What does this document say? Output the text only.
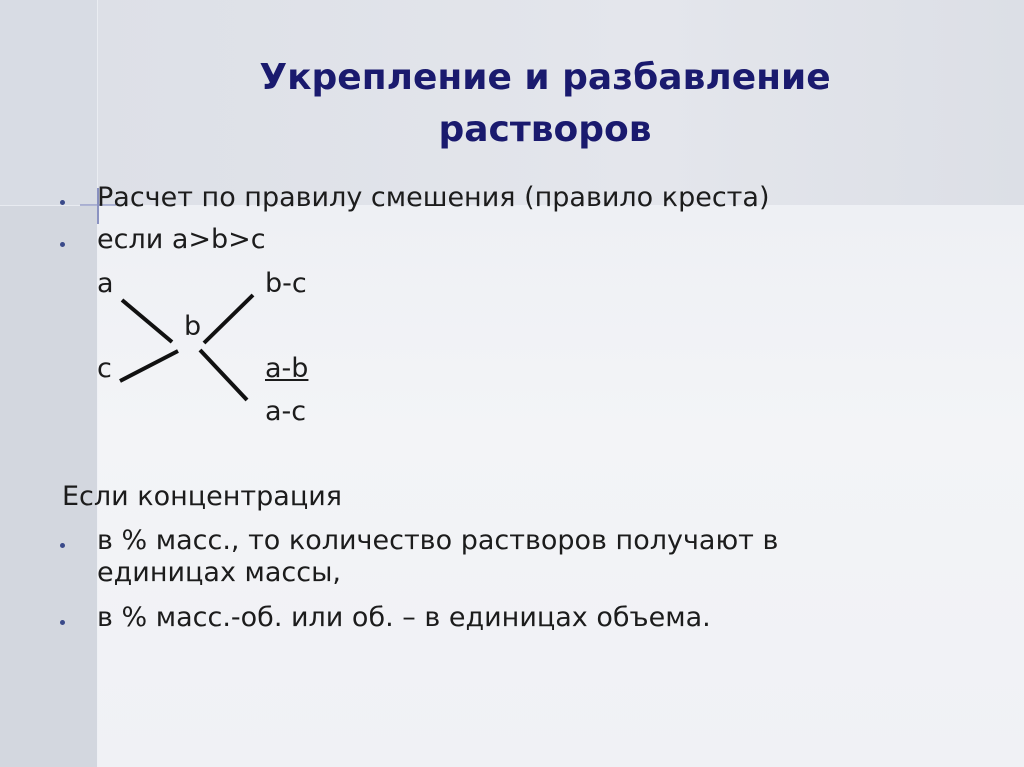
Укрепление и разбавление
растворов
Расчет по правилу смешения (правило креста)
если a>b>c
a	b-c
b
c	a-b
a-c
Если концентрация
в % масс., то количество растворов получают в
единицах массы,
в % масс.-об. или об. – в единицах объема.
